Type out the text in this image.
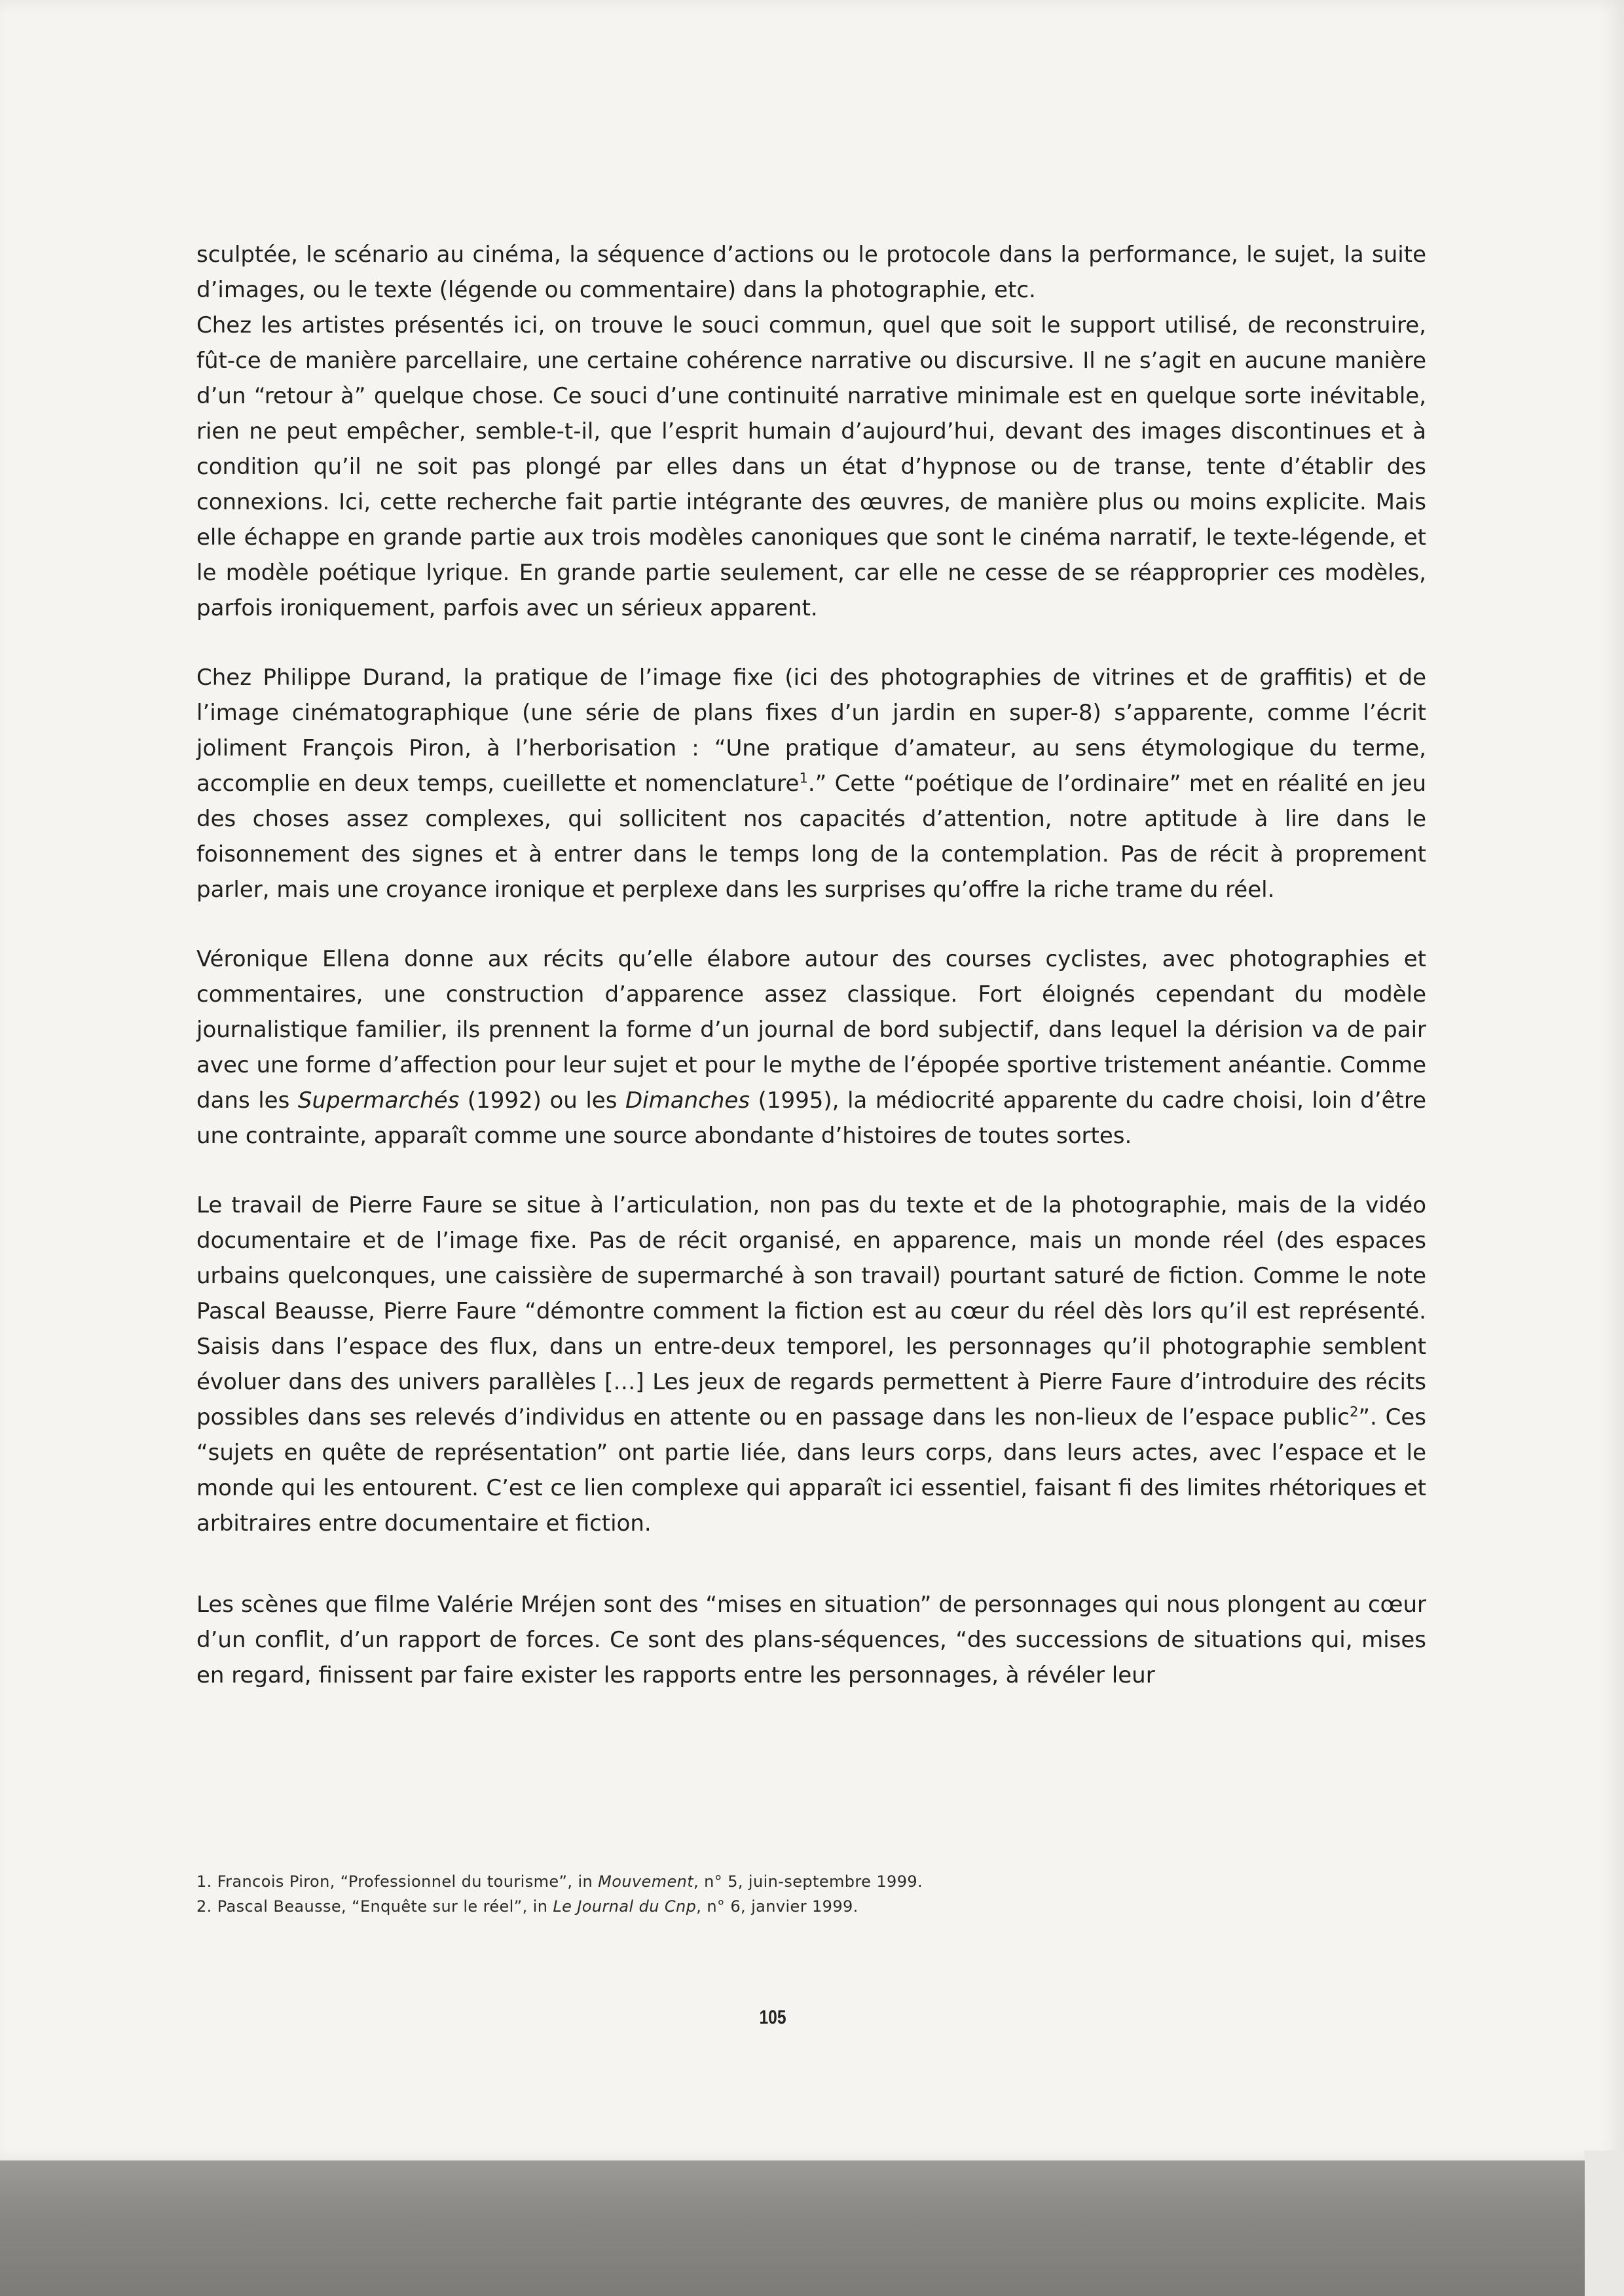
sculptée, le scénario au cinéma, la séquence d’actions ou le protocole dans la performance, le sujet, la suite d’images, ou le texte (légende ou commentaire) dans la photographie, etc.

Chez les artistes présentés ici, on trouve le souci commun, quel que soit le support utilisé, de reconstruire, fût-ce de manière parcellaire, une certaine cohérence narrative ou discursive. Il ne s’agit en aucune manière d’un “retour à” quelque chose. Ce souci d’une continuité narrative minimale est en quelque sorte inévitable, rien ne peut empêcher, semble-t-il, que l’esprit humain d’aujourd’hui, devant des images discontinues et à condition qu’il ne soit pas plongé par elles dans un état d’hypnose ou de transe, tente d’établir des connexions. Ici, cette recherche fait partie intégrante des œuvres, de manière plus ou moins explicite. Mais elle échappe en grande partie aux trois modèles canoniques que sont le cinéma narratif, le texte-légende, et le modèle poétique lyrique. En grande partie seulement, car elle ne cesse de se réapproprier ces modèles, parfois ironiquement, parfois avec un sérieux apparent.

Chez Philippe Durand, la pratique de l’image fixe (ici des photographies de vitrines et de graffitis) et de l’image cinématographique (une série de plans fixes d’un jardin en super-8) s’apparente, comme l’écrit joliment François Piron, à l’herborisation : “Une pratique d’amateur, au sens étymologique du terme, accomplie en deux temps, cueillette et nomenclature$^1$.” Cette “poétique de l’ordinaire” met en réalité en jeu des choses assez complexes, qui sollicitent nos capacités d’attention, notre aptitude à lire dans le foisonnement des signes et à entrer dans le temps long de la contemplation. Pas de récit à proprement parler, mais une croyance ironique et perplexe dans les surprises qu’offre la riche trame du réel.

Véronique Ellena donne aux récits qu’elle élabore autour des courses cyclistes, avec photographies et commentaires, une construction d’apparence assez classique. Fort éloignés cependant du modèle journalistique familier, ils prennent la forme d’un journal de bord subjectif, dans lequel la dérision va de pair avec une forme d’affection pour leur sujet et pour le mythe de l’épopée sportive tristement anéantie. Comme dans les Supermarchés (1992) ou les Dimanches (1995), la médiocrité apparente du cadre choisi, loin d’être une contrainte, apparaît comme une source abondante d’histoires de toutes sortes.

Le travail de Pierre Faure se situe à l’articulation, non pas du texte et de la photographie, mais de la vidéo documentaire et de l’image fixe. Pas de récit organisé, en apparence, mais un monde réel (des espaces urbains quelconques, une caissière de supermarché à son travail) pourtant saturé de fiction. Comme le note Pascal Beausse, Pierre Faure “démontre comment la fiction est au cœur du réel dès lors qu’il est représenté. Saisis dans l’espace des flux, dans un entre-deux temporel, les personnages qu’il photographie semblent évoluer dans des univers parallèles […] Les jeux de regards permettent à Pierre Faure d’introduire des récits possibles dans ses relevés d’individus en attente ou en passage dans les non-lieux de l’espace public$^2$”. Ces “sujets en quête de représentation” ont partie liée, dans leurs corps, dans leurs actes, avec l’espace et le monde qui les entourent. C’est ce lien complexe qui apparaît ici essentiel, faisant fi des limites rhétoriques et arbitraires entre documentaire et fiction.

Les scènes que filme Valérie Mréjen sont des “mises en situation” de personnages qui nous plongent au cœur d’un conflit, d’un rapport de forces. Ce sont des plans-séquences, “des successions de situations qui, mises en regard, finissent par faire exister les rapports entre les personnages, à révéler leur

1. Francois Piron, “Professionnel du tourisme”, in Mouvement, n° 5, juin-septembre 1999.

2. Pascal Beausse, “Enquête sur le réel”, in Le Journal du Cnp, n° 6, janvier 1999.

105
